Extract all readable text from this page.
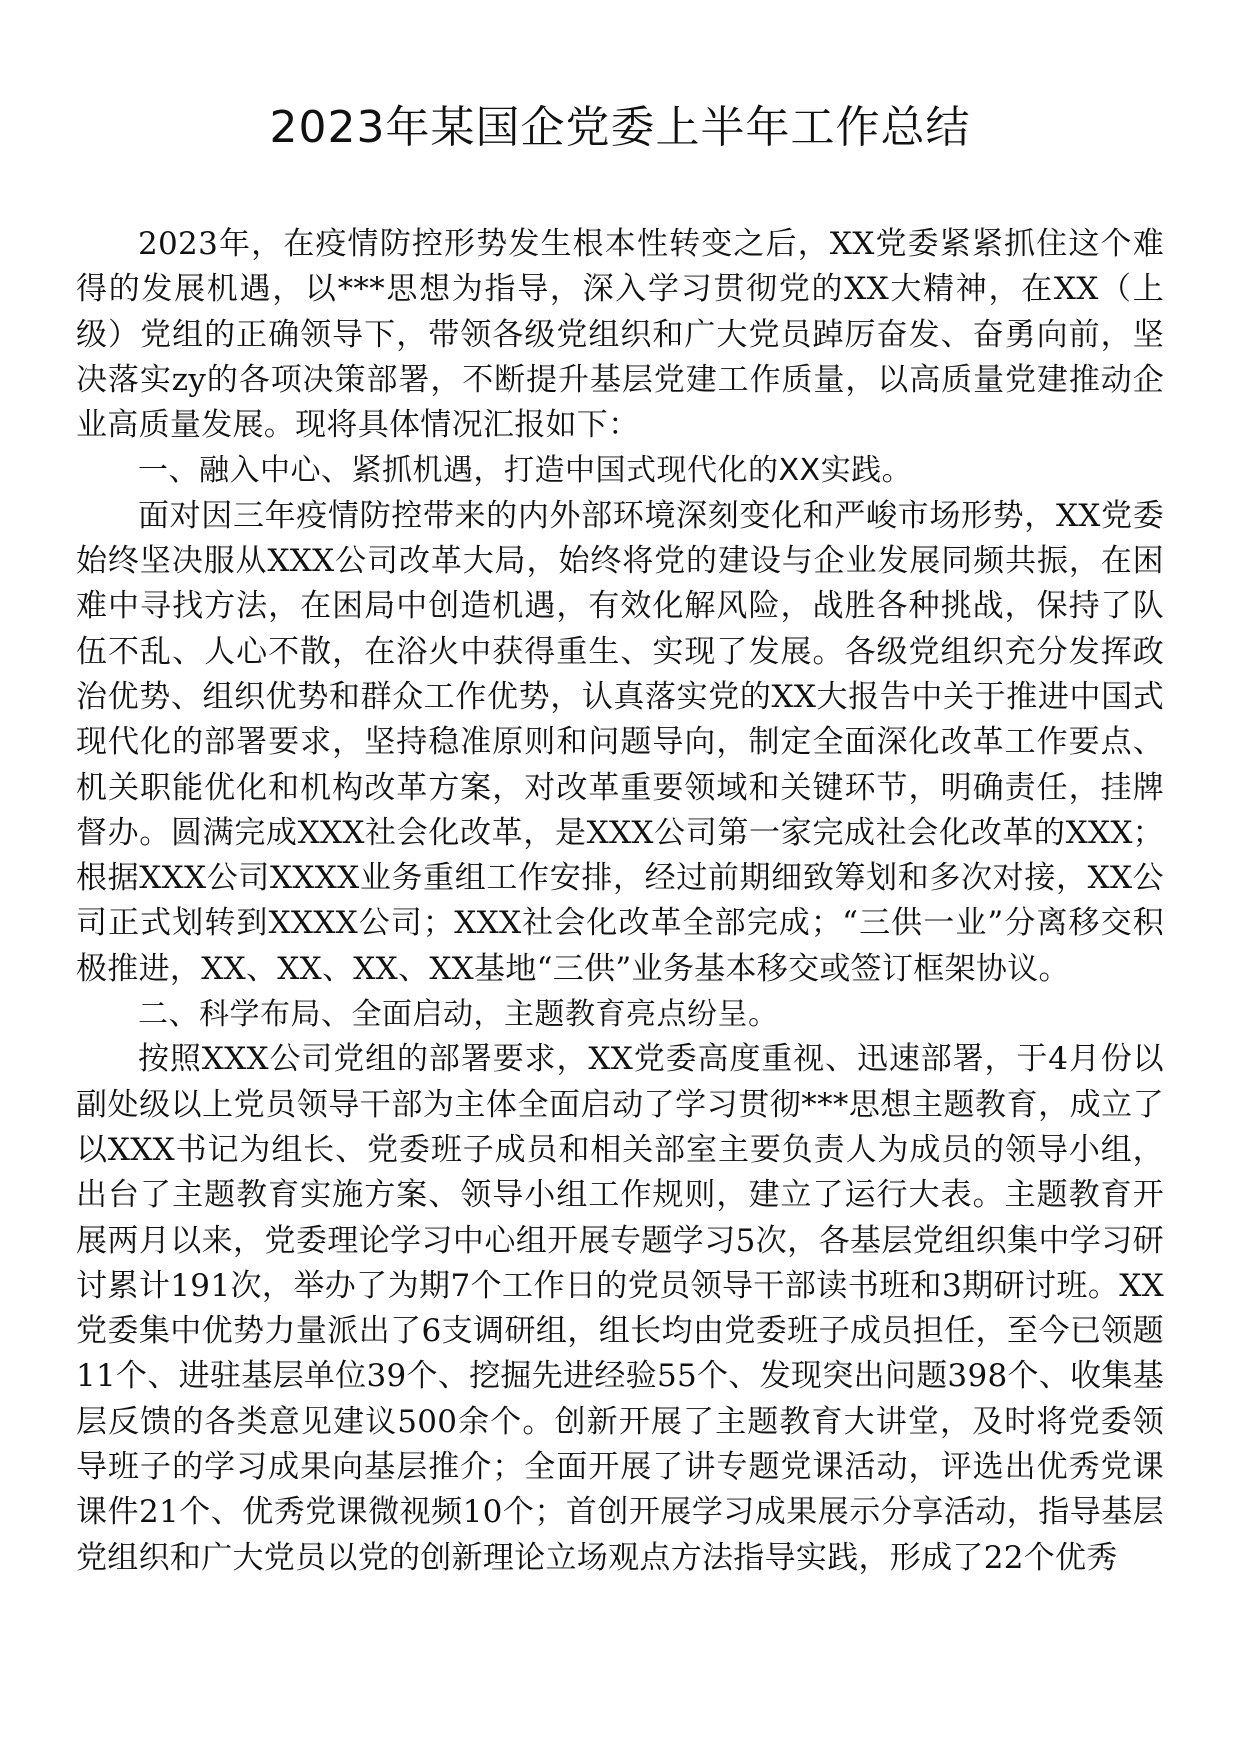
2023年某国企党委上半年工作总结

2023年，在疫情防控形势发生根本性转变之后，XX党委紧紧抓住这个难得的发展机遇，以***思想为指导，深入学习贯彻党的XX大精神，在XX（上级）党组的正确领导下，带领各级党组织和广大党员踔厉奋发、奋勇向前，坚决落实zy的各项决策部署，不断提升基层党建工作质量，以高质量党建推动企业高质量发展。现将具体情况汇报如下：

一、融入中心、紧抓机遇，打造中国式现代化的XX实践。

面对因三年疫情防控带来的内外部环境深刻变化和严峻市场形势，XX党委始终坚决服从XXX公司改革大局，始终将党的建设与企业发展同频共振，在困难中寻找方法，在困局中创造机遇，有效化解风险，战胜各种挑战，保持了队伍不乱、人心不散，在浴火中获得重生、实现了发展。各级党组织充分发挥政治优势、组织优势和群众工作优势，认真落实党的XX大报告中关于推进中国式现代化的部署要求，坚持稳准原则和问题导向，制定全面深化改革工作要点、机关职能优化和机构改革方案，对改革重要领域和关键环节，明确责任，挂牌督办。圆满完成XXX社会化改革，是XXX公司第一家完成社会化改革的XXX；根据XXX公司XXXX业务重组工作安排，经过前期细致筹划和多次对接，XX公司正式划转到XXXX公司；XXX社会化改革全部完成；“三供一业”分离移交积极推进，XX、XX、XX、XX基地“三供”业务基本移交或签订框架协议。

二、科学布局、全面启动，主题教育亮点纷呈。

按照XXX公司党组的部署要求，XX党委高度重视、迅速部署，于4月份以副处级以上党员领导干部为主体全面启动了学习贯彻***思想主题教育，成立了以XXX书记为组长、党委班子成员和相关部室主要负责人为成员的领导小组，出台了主题教育实施方案、领导小组工作规则，建立了运行大表。主题教育开展两月以来，党委理论学习中心组开展专题学习5次，各基层党组织集中学习研讨累计191次，举办了为期7个工作日的党员领导干部读书班和3期研讨班。XX党委集中优势力量派出了6支调研组，组长均由党委班子成员担任，至今已领题11个、进驻基层单位39个、挖掘先进经验55个、发现突出问题398个、收集基层反馈的各类意见建议500余个。创新开展了主题教育大讲堂，及时将党委领导班子的学习成果向基层推介；全面开展了讲专题党课活动，评选出优秀党课课件21个、优秀党课微视频10个；首创开展学习成果展示分享活动，指导基层党组织和广大党员以党的创新理论立场观点方法指导实践，形成了22个优秀
